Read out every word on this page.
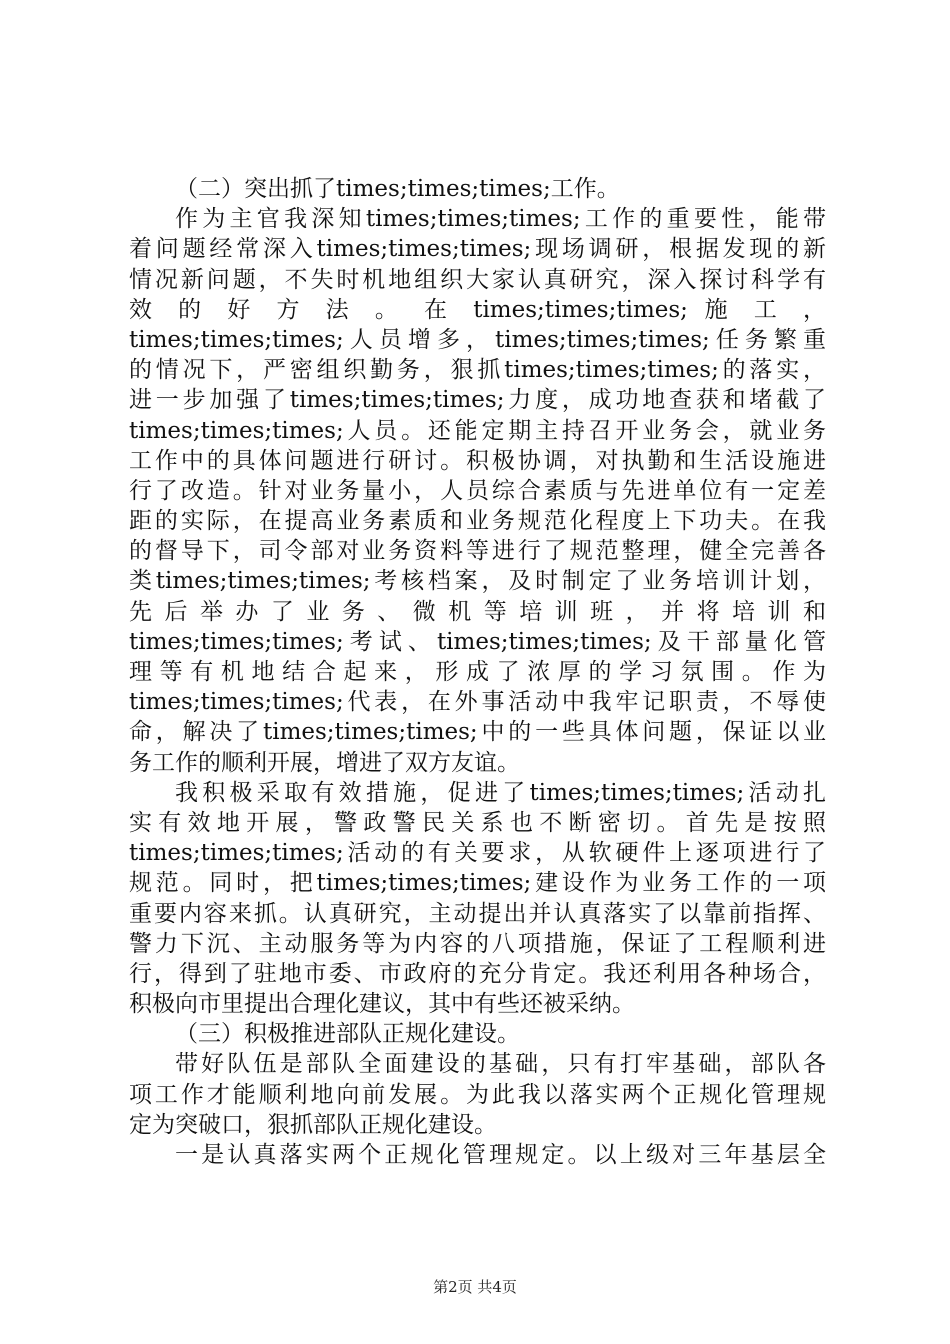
（二）突出抓了times;times;times;工作。
作为主官我深知times;times;times;工作的重要性，能带
着问题经常深入times;times;times;现场调研，根据发现的新
情况新问题，不失时机地组织大家认真研究，深入探讨科学有
效 的 好 方 法 。 在 times;times;times; 施 工 ，
times;times;times;人员增多，times;times;times;任务繁重
的情况下，严密组织勤务，狠抓times;times;times;的落实，
进一步加强了times;times;times;力度，成功地查获和堵截了
times;times;times;人员。还能定期主持召开业务会，就业务
工作中的具体问题进行研讨。积极协调，对执勤和生活设施进
行了改造。针对业务量小，人员综合素质与先进单位有一定差
距的实际，在提高业务素质和业务规范化程度上下功夫。在我
的督导下，司令部对业务资料等进行了规范整理，健全完善各
类times;times;times;考核档案，及时制定了业务培训计划，
先 后 举 办 了 业 务 、 微 机 等 培 训 班 ， 并 将 培 训 和
times;times;times;考试、times;times;times;及干部量化管
理 等 有 机 地 结 合 起 来 ， 形 成 了 浓 厚 的 学 习 氛 围 。 作 为
times;times;times;代表，在外事活动中我牢记职责，不辱使
命，解决了times;times;times;中的一些具体问题，保证以业
务工作的顺利开展，增进了双方友谊。
我积极采取有效措施，促进了times;times;times;活动扎
实有效地开展，警政警民关系也不断密切。首先是按照
times;times;times;活动的有关要求，从软硬件上逐项进行了
规范。同时，把times;times;times;建设作为业务工作的一项
重要内容来抓。认真研究，主动提出并认真落实了以靠前指挥、
警力下沉、主动服务等为内容的八项措施，保证了工程顺利进
行，得到了驻地市委、市政府的充分肯定。我还利用各种场合，
积极向市里提出合理化建议，其中有些还被采纳。
（三）积极推进部队正规化建设。
带好队伍是部队全面建设的基础，只有打牢基础，部队各
项工作才能顺利地向前发展。为此我以落实两个正规化管理规
定为突破口，狠抓部队正规化建设。
一是认真落实两个正规化管理规定。以上级对三年基层全
第2页 共4页
